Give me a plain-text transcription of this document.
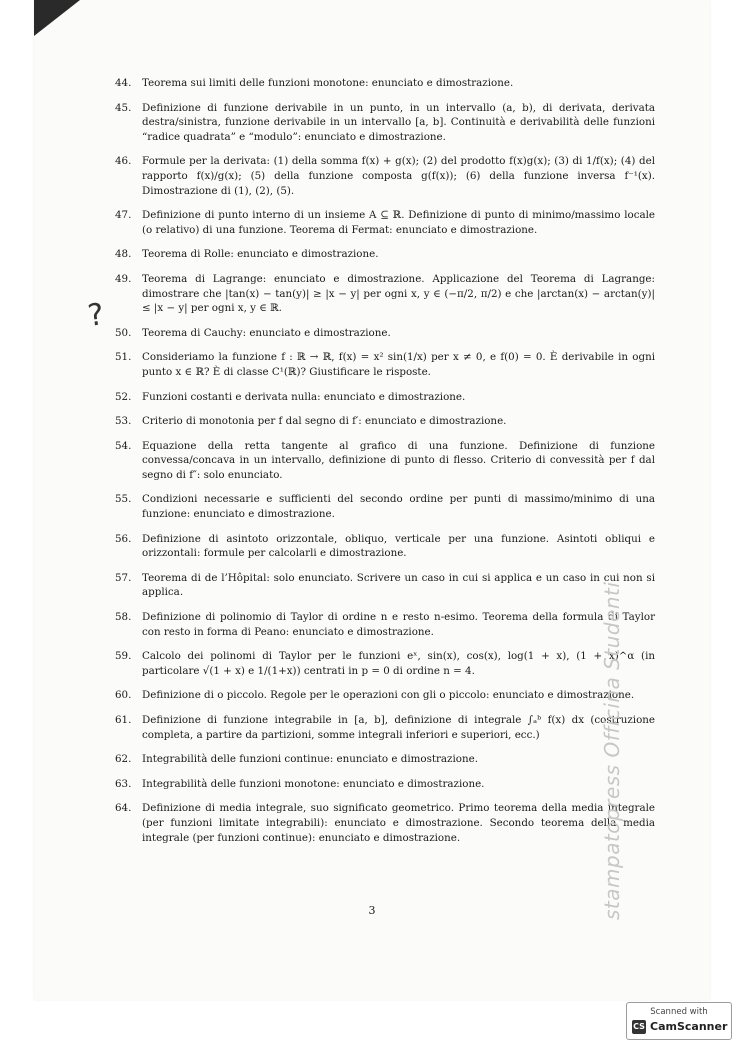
?
44.	Teorema sui limiti delle funzioni monotone: enunciato e dimostrazione.
45.	Definizione di funzione derivabile in un punto, in un intervallo (a, b), di derivata, derivata destra/sinistra, funzione derivabile in un intervallo [a, b]. Continuità e derivabilità delle funzioni “radice quadrata” e “modulo”: enunciato e dimostrazione.
46.	Formule per la derivata: (1) della somma f(x) + g(x); (2) del prodotto f(x)g(x); (3) di 1/f(x); (4) del rapporto f(x)/g(x); (5) della funzione composta g(f(x)); (6) della funzione inversa f⁻¹(x). Dimostrazione di (1), (2), (5).
47.	Definizione di punto interno di un insieme A ⊆ ℝ. Definizione di punto di minimo/massimo locale (o relativo) di una funzione. Teorema di Fermat: enunciato e dimostrazione.
48.	Teorema di Rolle: enunciato e dimostrazione.
49.	Teorema di Lagrange: enunciato e dimostrazione. Applicazione del Teorema di Lagrange: dimostrare che |tan(x) − tan(y)| ≥ |x − y| per ogni x, y ∈ (−π/2, π/2) e che |arctan(x) − arctan(y)| ≤ |x − y| per ogni x, y ∈ ℝ.
50.	Teorema di Cauchy: enunciato e dimostrazione.
51.	Consideriamo la funzione f : ℝ → ℝ, f(x) = x² sin(1/x) per x ≠ 0, e f(0) = 0. È derivabile in ogni punto x ∈ ℝ? È di classe C¹(ℝ)? Giustificare le risposte.
52.	Funzioni costanti e derivata nulla: enunciato e dimostrazione.
53.	Criterio di monotonia per f dal segno di f′: enunciato e dimostrazione.
54.	Equazione della retta tangente al grafico di una funzione. Definizione di funzione convessa/concava in un intervallo, definizione di punto di flesso. Criterio di convessità per f dal segno di f″: solo enunciato.
55.	Condizioni necessarie e sufficienti del secondo ordine per punti di massimo/minimo di una funzione: enunciato e dimostrazione.
56.	Definizione di asintoto orizzontale, obliquo, verticale per una funzione. Asintoti obliqui e orizzontali: formule per calcolarli e dimostrazione.
57.	Teorema di de l’Hôpital: solo enunciato. Scrivere un caso in cui si applica e un caso in cui non si applica.
58.	Definizione di polinomio di Taylor di ordine n e resto n-esimo. Teorema della formula di Taylor con resto in forma di Peano: enunciato e dimostrazione.
59.	Calcolo dei polinomi di Taylor per le funzioni eˣ, sin(x), cos(x), log(1 + x), (1 + x)^α (in particolare √(1 + x) e 1/(1+x)) centrati in p = 0 di ordine n = 4.
60.	Definizione di o piccolo. Regole per le operazioni con gli o piccolo: enunciato e dimostrazione.
61.	Definizione di funzione integrabile in [a, b], definizione di integrale ∫ₐᵇ f(x) dx (costruzione completa, a partire da partizioni, somme integrali inferiori e superiori, ecc.)
62.	Integrabilità delle funzioni continue: enunciato e dimostrazione.
63.	Integrabilità delle funzioni monotone: enunciato e dimostrazione.
64.	Definizione di media integrale, suo significato geometrico. Primo teorema della media integrale (per funzioni limitate integrabili): enunciato e dimostrazione. Secondo teorema della media integrale (per funzioni continue): enunciato e dimostrazione.
3	stampatopress Officina Studenti
Scanned with
CS CamScanner
